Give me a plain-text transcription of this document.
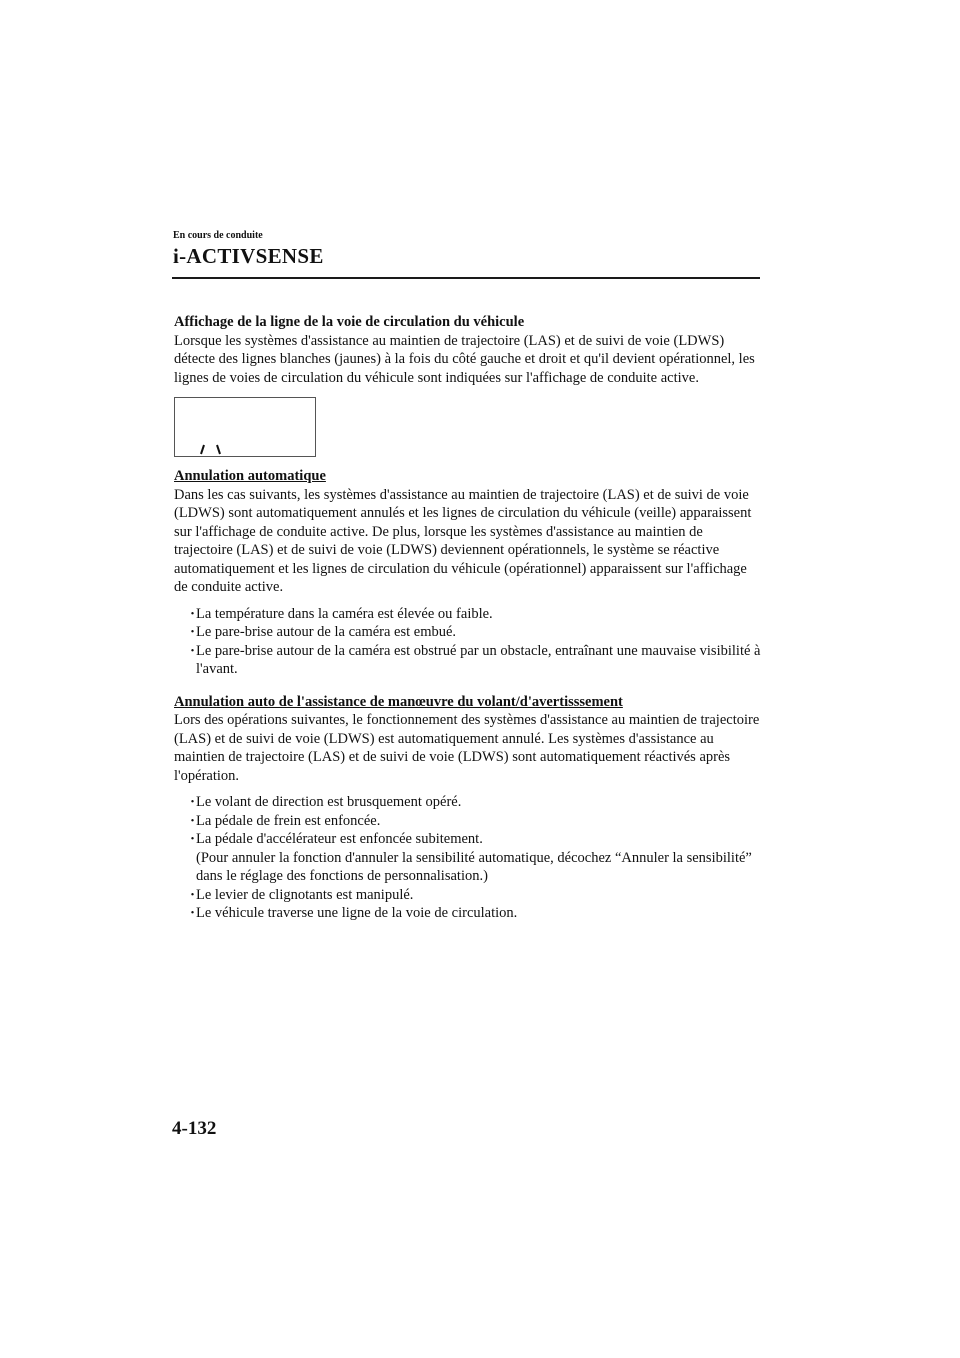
En cours de conduite
i-ACTIVSENSE

Affichage de la ligne de la voie de circulation du véhicule

Lorsque les systèmes d'assistance au maintien de trajectoire (LAS) et de suivi de voie (LDWS) détecte des lignes blanches (jaunes) à la fois du côté gauche et droit et qu'il devient opérationnel, les lignes de voies de circulation du véhicule sont indiquées sur l'affichage de conduite active.

Annulation automatique

Dans les cas suivants, les systèmes d'assistance au maintien de trajectoire (LAS) et de suivi de voie (LDWS) sont automatiquement annulés et les lignes de circulation du véhicule (veille) apparaissent sur l'affichage de conduite active. De plus, lorsque les systèmes d'assistance au maintien de trajectoire (LAS) et de suivi de voie (LDWS) deviennent opérationnels, le système se réactive automatiquement et les lignes de circulation du véhicule (opérationnel) apparaissent sur l'affichage de conduite active.

・
La température dans la caméra est élevée ou faible.
・
Le pare-brise autour de la caméra est embué.
・
Le pare-brise autour de la caméra est obstrué par un obstacle, entraînant une mauvaise visibilité à l'avant.

Annulation auto de l'assistance de manœuvre du volant/d'avertisssement

Lors des opérations suivantes, le fonctionnement des systèmes d'assistance au maintien de trajectoire (LAS) et de suivi de voie (LDWS) est automatiquement annulé. Les systèmes d'assistance au maintien de trajectoire (LAS) et de suivi de voie (LDWS) sont automatiquement réactivés après l'opération.

・
Le volant de direction est brusquement opéré.
・
La pédale de frein est enfoncée.
・
La pédale d'accélérateur est enfoncée subitement.
(Pour annuler la fonction d'annuler la sensibilité automatique, décochez “Annuler la sensibilité” dans le réglage des fonctions de personnalisation.)
・
Le levier de clignotants est manipulé.
・
Le véhicule traverse une ligne de la voie de circulation.
4-132
